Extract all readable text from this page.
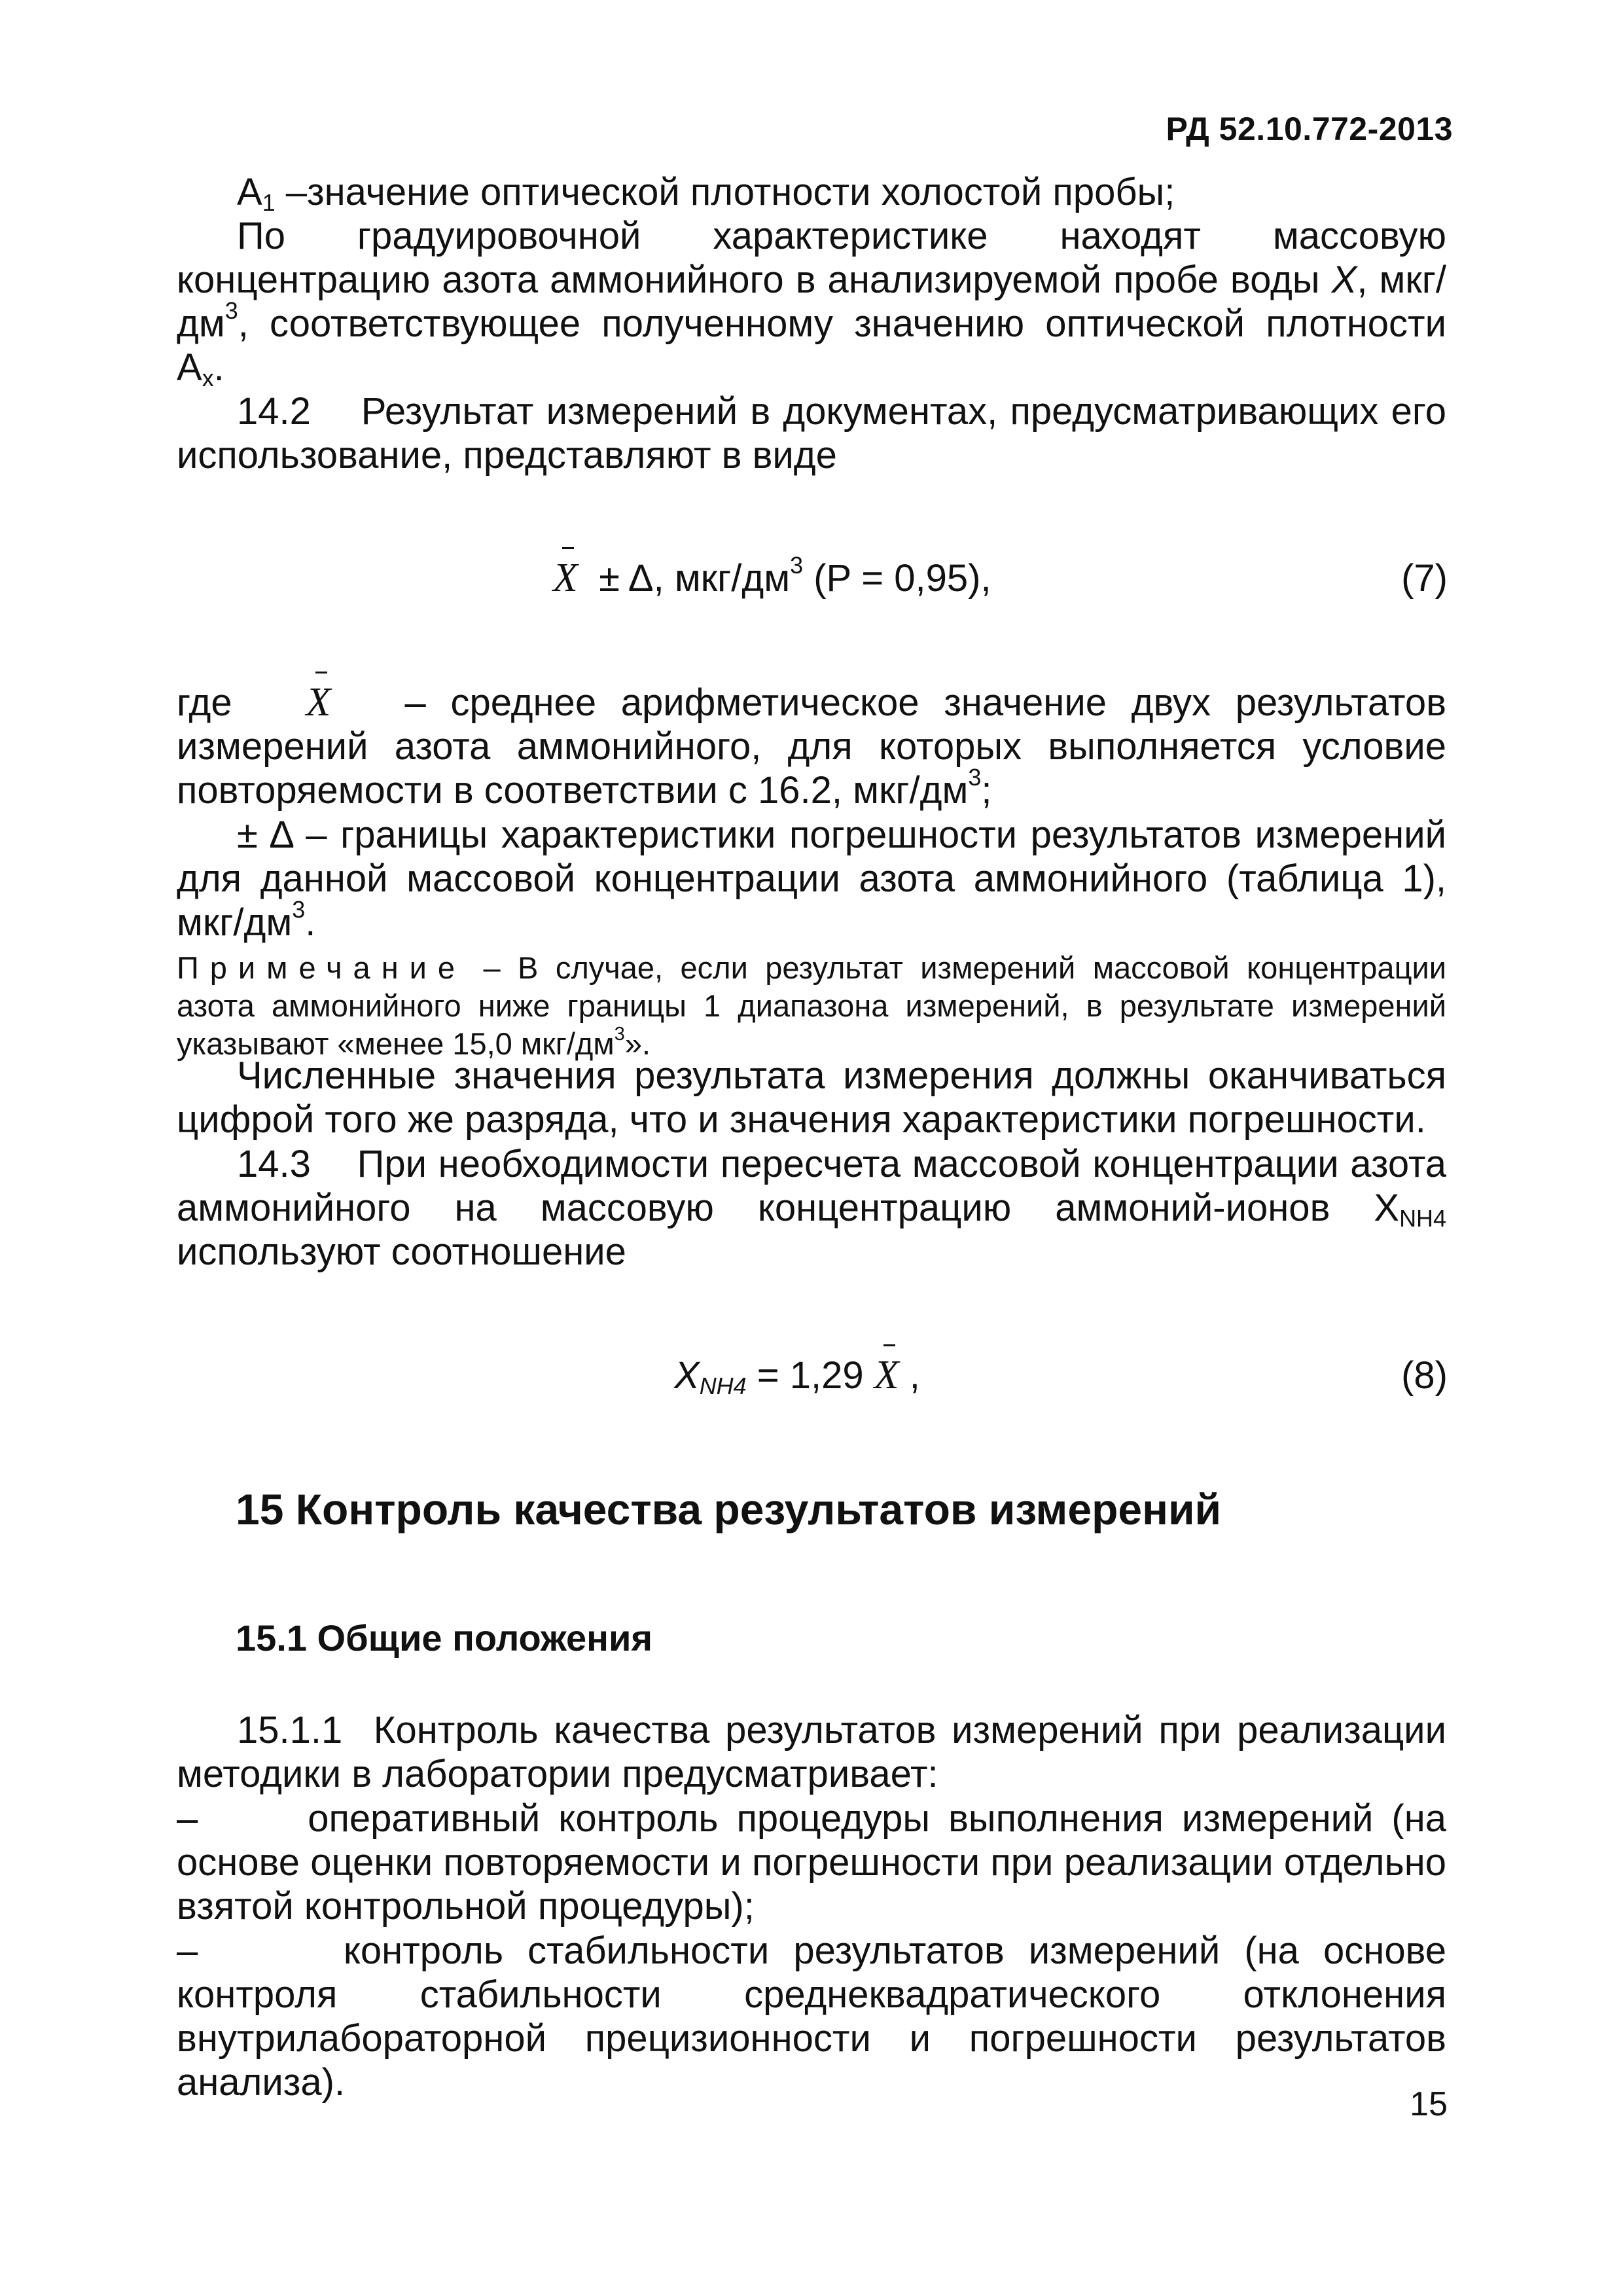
РД 52.10.772-2013

$А_1$ –значение оптической плотности холостой пробы;

По градуировочной характеристике находят массовую концентрацию азота аммонийного в анализируемой пробе воды X, мкг/$дм^3$, соответствующее полученному значению оптической плотности $А_х$.

14.2 Результат измерений в документах, предусматривающих его использование, представляют в виде

X  ± Δ, мкг/$дм^3$ (P = 0,95),	(7)

где   X   – среднее арифметическое значение двух результатов измерений азота аммонийного, для которых выполняется условие повторяемости в соответствии с 16.2, мкг/$дм^3$;

± Δ – границы характеристики погрешности результатов измерений для данной массовой концентрации азота аммонийного (таблица 1), мкг/$дм^3$.

Примечание – В случае, если результат измерений массовой концентрации азота аммонийного ниже границы 1 диапазона измерений, в результате измерений указывают «менее 15,0 мкг/$дм^3$».

Численные значения результата измерения должны оканчиваться цифрой того же разряда, что и значения характеристики погрешности.

14.3 При необходимости пересчета массовой концентрации азота аммонийного на массовую концентрацию аммоний-ионов $X_{NH4}$ используют соотношение

$X_{NH4} = 1,29$ X ,	(8)
15 Контроль качества результатов измерений
15.1 Общие положения

15.1.1 Контроль качества результатов измерений при реализации методики в лаборатории предусматривает:

–	оперативный контроль процедуры выполнения измерений (на основе оценки повторяемости и погрешности при реализации отдельно взятой контрольной процедуры);

–	контроль стабильности результатов измерений (на основе контроля стабильности среднеквадратического отклонения внутрилабораторной прецизионности и погрешности результатов анализа).

15
